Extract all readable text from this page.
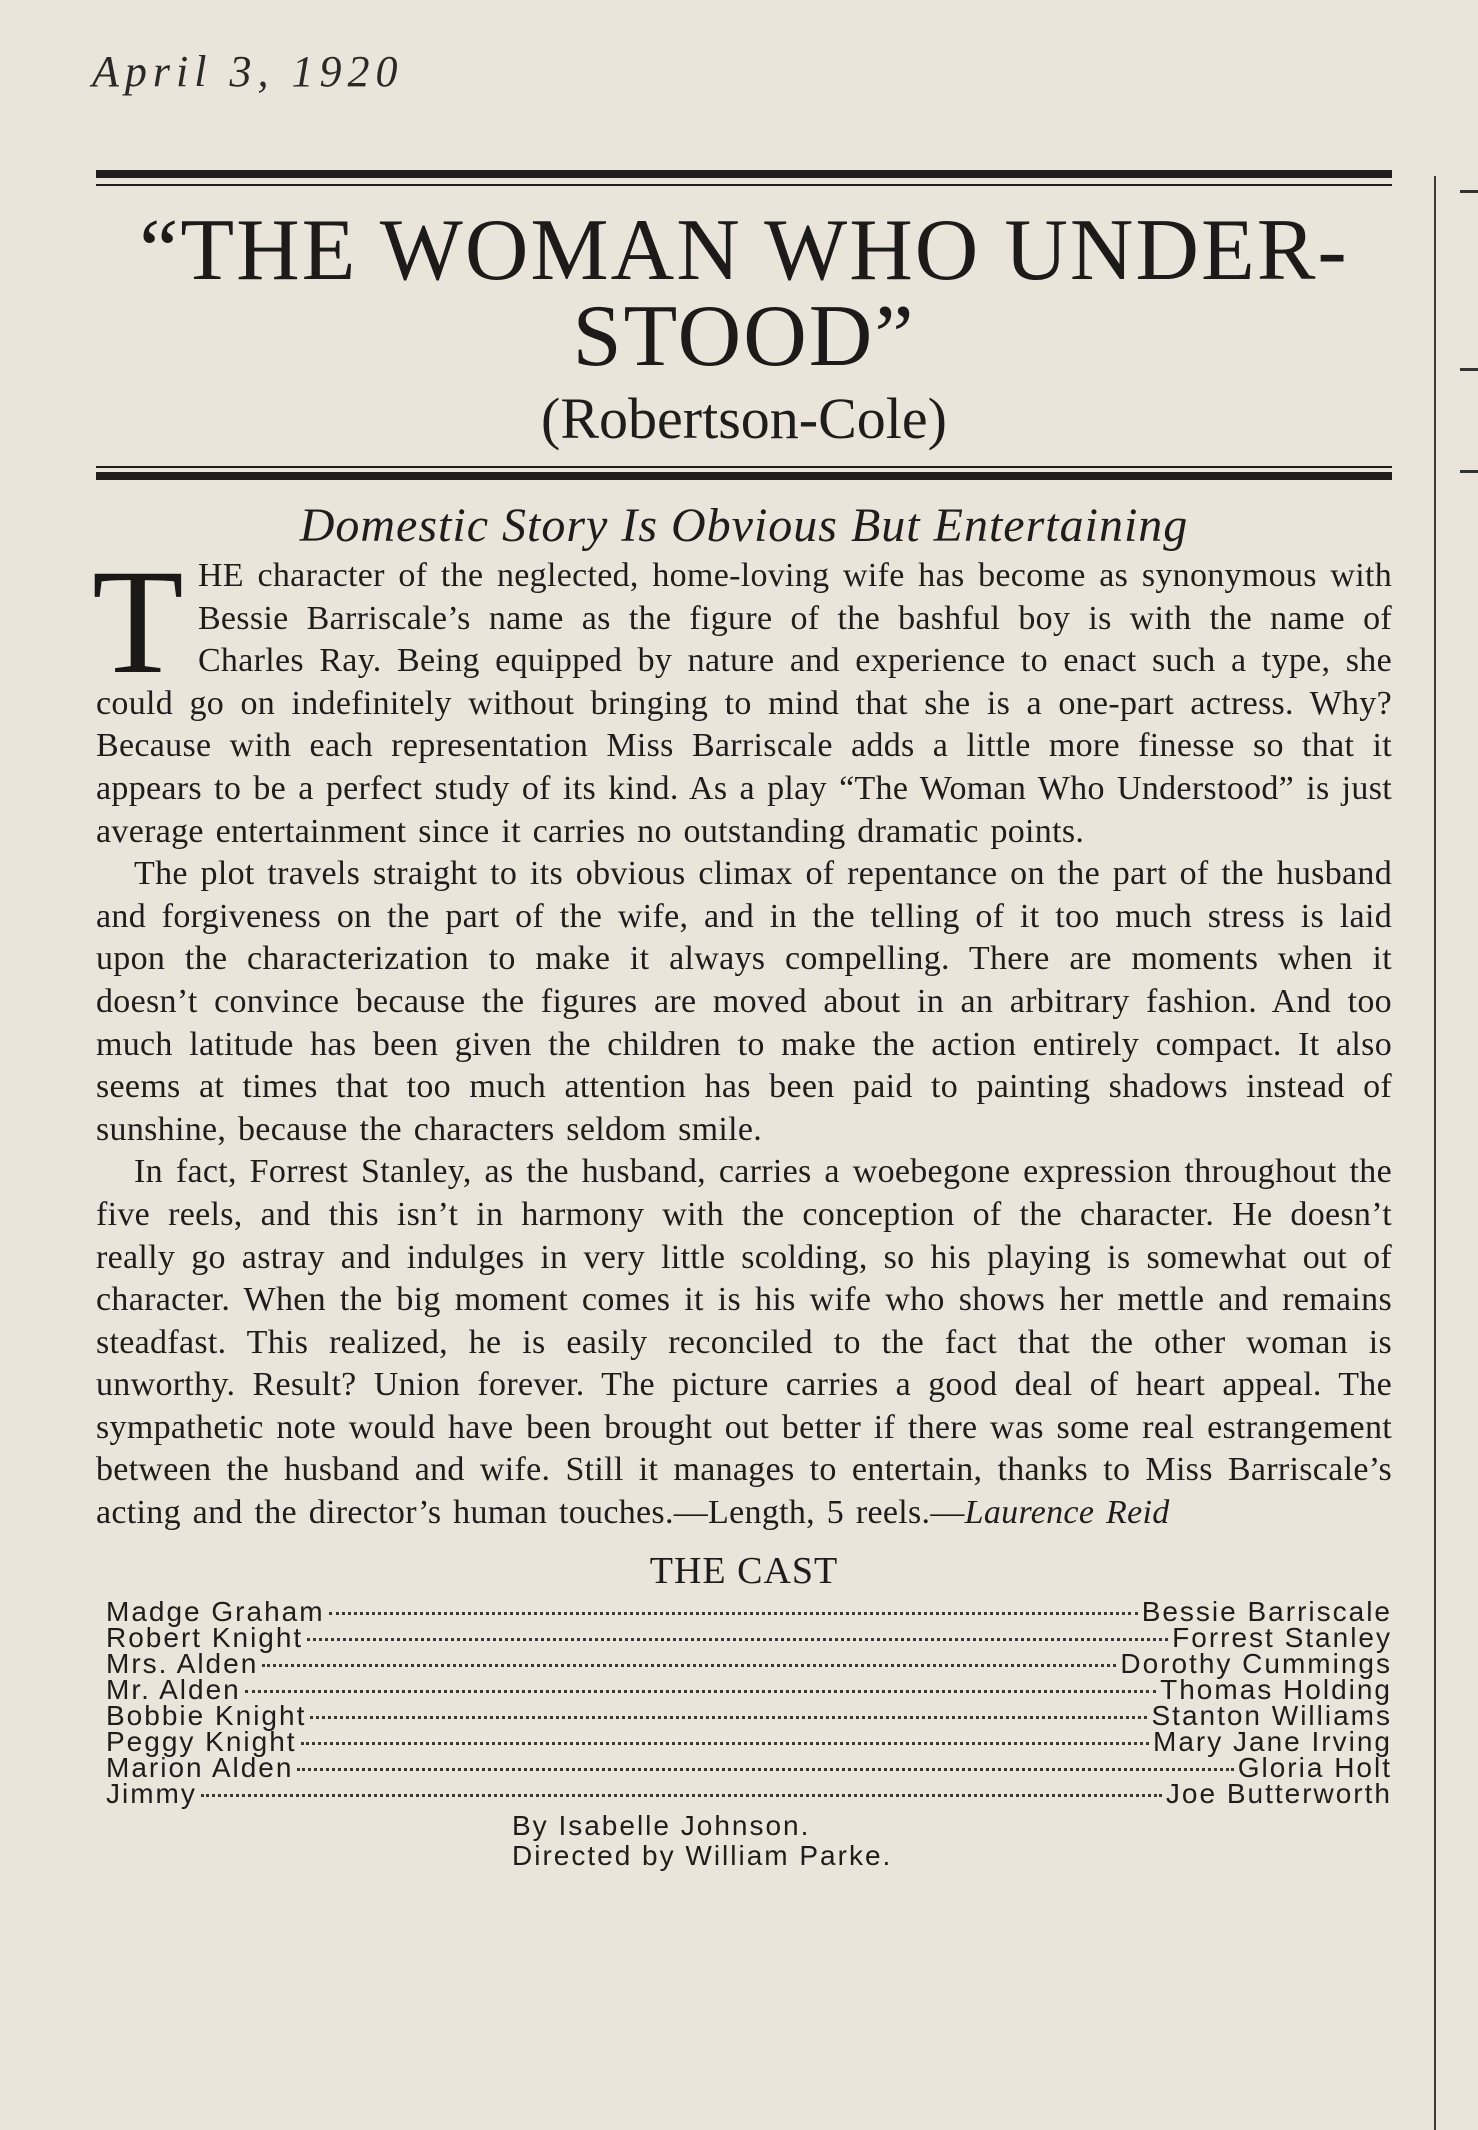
April 3, 1920
“THE WOMAN WHO UNDER-
STOOD”
(Robertson-Cole)
Domestic Story Is Obvious But Entertaining

THE character of the neglected, home-loving wife has become as synonymous with Bessie Barriscale’s name as the figure of the bashful boy is with the name of Charles Ray. Being equipped by nature and experience to enact such a type, she could go on indefinitely without bringing to mind that she is a one-part actress. Why? Because with each representation Miss Barriscale adds a little more finesse so that it appears to be a perfect study of its kind. As a play “The Woman Who Understood” is just average entertainment since it carries no outstanding dramatic points.

The plot travels straight to its obvious climax of repentance on the part of the husband and forgiveness on the part of the wife, and in the telling of it too much stress is laid upon the characterization to make it always compelling. There are moments when it doesn’t convince because the figures are moved about in an arbitrary fashion. And too much latitude has been given the children to make the action entirely compact. It also seems at times that too much attention has been paid to painting shadows instead of sunshine, because the characters seldom smile.

In fact, Forrest Stanley, as the husband, carries a woebegone expression throughout the five reels, and this isn’t in harmony with the conception of the character. He doesn’t really go astray and indulges in very little scolding, so his playing is somewhat out of character. When the big moment comes it is his wife who shows her mettle and remains steadfast. This realized, he is easily reconciled to the fact that the other woman is unworthy. Result? Union forever. The picture carries a good deal of heart appeal. The sympathetic note would have been brought out better if there was some real estrangement between the husband and wife. Still it manages to entertain, thanks to Miss Barriscale’s acting and the director’s human touches.—Length, 5 reels.—Laurence Reid

THE CAST
Madge Graham	Bessie Barriscale
Robert Knight	Forrest Stanley
Mrs. Alden	Dorothy Cummings
Mr. Alden	Thomas Holding
Bobbie Knight	Stanton Williams
Peggy Knight	Mary Jane Irving
Marion Alden	Gloria Holt
Jimmy	Joe Butterworth
By Isabelle Johnson.
Directed by William Parke.
